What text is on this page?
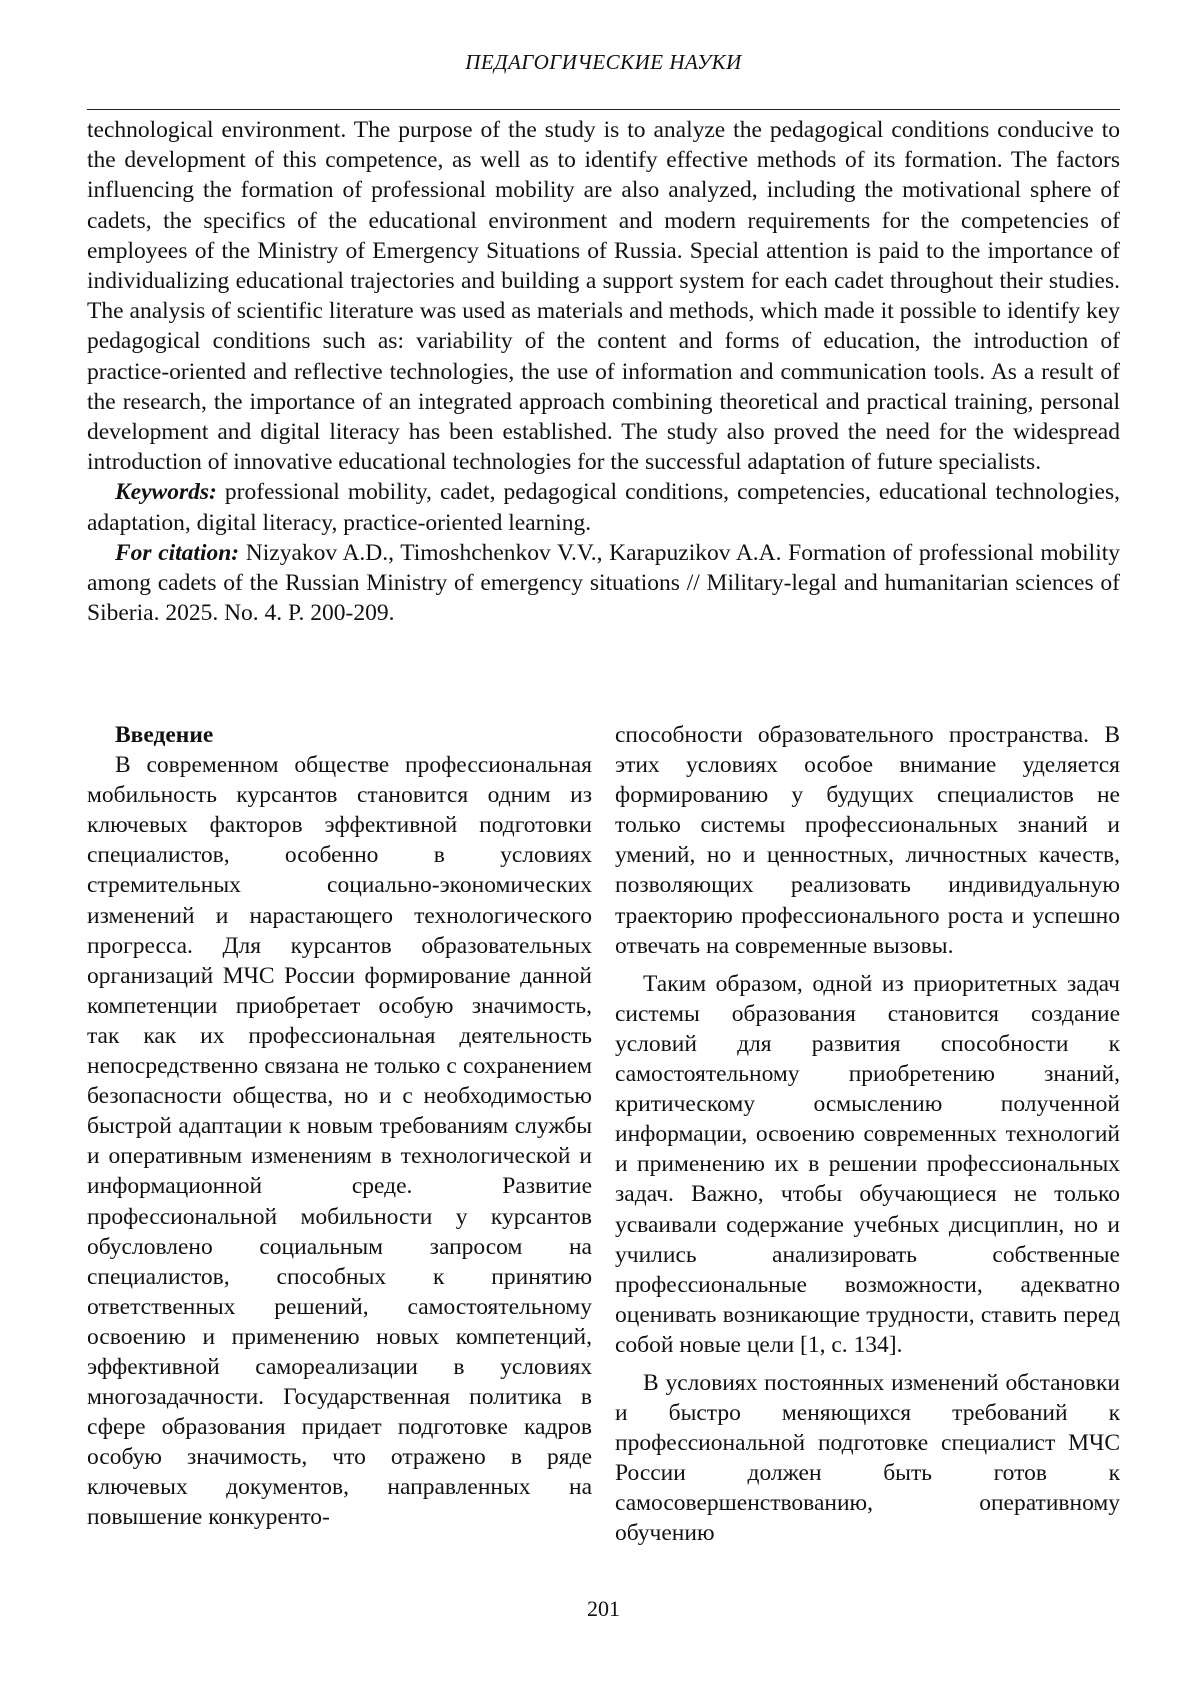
ПЕДАГОГИЧЕСКИЕ НАУКИ

technological environment. The purpose of the study is to analyze the pedagogical conditions conducive to the development of this competence, as well as to identify effective methods of its formation. The factors influencing the formation of professional mobility are also analyzed, including the motivational sphere of cadets, the specifics of the educational environment and modern requirements for the competencies of employees of the Ministry of Emergency Situations of Russia. Special attention is paid to the importance of individualizing educational trajectories and building a support system for each cadet throughout their studies. The analysis of scientific literature was used as materials and methods, which made it possible to identify key pedagogical conditions such as: variability of the content and forms of education, the introduction of practice-oriented and reflective technologies, the use of information and communication tools. As a result of the research, the importance of an integrated approach combining theoretical and practical training, personal development and digital literacy has been established. The study also proved the need for the widespread introduction of innovative educational technologies for the successful adaptation of future specialists.

Keywords: professional mobility, cadet, pedagogical conditions, competencies, educational technologies, adaptation, digital literacy, practice-oriented learning.

For citation: Nizyakov A.D., Timoshchenkov V.V., Karapuzikov A.A. Formation of professional mobility among cadets of the Russian Ministry of emergency situations // Military-legal and humanitarian sciences of Siberia. 2025. No. 4. P. 200-209.

Введение

В современном обществе профессиональная мобильность курсантов становится одним из ключевых факторов эффективной подготовки специалистов, особенно в условиях стремительных социально-экономических изменений и нарастающего технологического прогресса. Для курсантов образовательных организаций МЧС России формирование данной компетенции приобретает особую значимость, так как их профессиональная деятельность непосредственно связана не только с сохранением безопасности общества, но и с необходимостью быстрой адаптации к новым требованиям службы и оперативным изменениям в технологической и информационной среде. Развитие профессиональной мобильности у курсантов обусловлено социальным запросом на специалистов, способных к принятию ответственных решений, самостоятельному освоению и применению новых компетенций, эффективной самореализации в условиях многозадачности. Государственная политика в сфере образования придает подготовке кадров особую значимость, что отражено в ряде ключевых документов, направленных на повышение конкуренто-

способности образовательного пространства. В этих условиях особое внимание уделяется формированию у будущих специалистов не только системы профессиональных знаний и умений, но и ценностных, личностных качеств, позволяющих реализовать индивидуальную траекторию профессионального роста и успешно отвечать на современные вызовы.

Таким образом, одной из приоритетных задач системы образования становится создание условий для развития способности к самостоятельному приобретению знаний, критическому осмыслению полученной информации, освоению современных технологий и применению их в решении профессиональных задач. Важно, чтобы обучающиеся не только усваивали содержание учебных дисциплин, но и учились анализировать собственные профессиональные возможности, адекватно оценивать возникающие трудности, ставить перед собой новые цели [1, с. 134].

В условиях постоянных изменений обстановки и быстро меняющихся требований к профессиональной подготовке специалист МЧС России должен быть готов к самосовершенствованию, оперативному обучению

201
